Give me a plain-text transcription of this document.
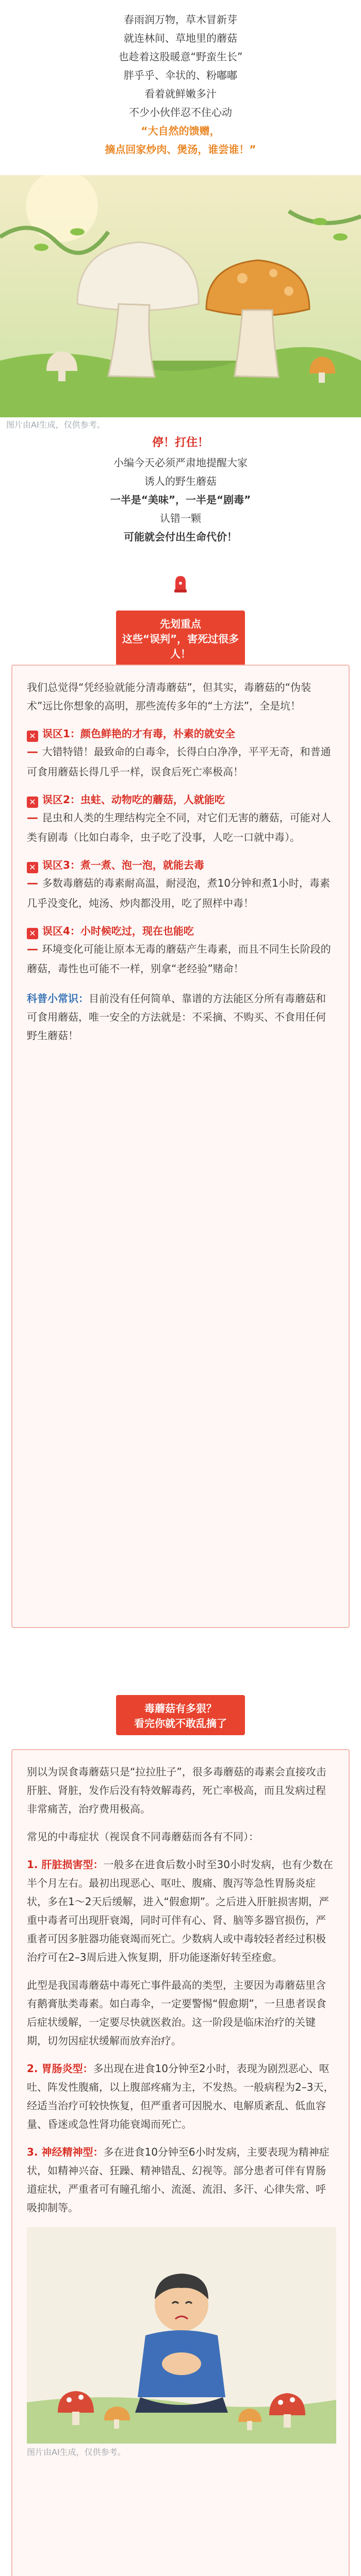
春雨润万物，草木冒新芽

就连林间、草地里的蘑菇

也趁着这股暖意“野蛮生长”

胖乎乎、伞状的、粉嘟嘟

看着就鲜嫩多汁

不少小伙伴忍不住心动

“大自然的馈赠，

摘点回家炒肉、煲汤，谁尝谁！”

图片由AI生成，仅供参考。

停！打住！

小编今天必须严肃地提醒大家

诱人的野生蘑菇

一半是“美味”，一半是“剧毒”

认错一颗

可能就会付出生命代价！

先划重点
这些“误判”，害死过很多人！

我们总觉得“凭经验就能分清毒蘑菇”，但其实，毒蘑菇的“伪装术”远比你想象的高明，那些流传多年的“土方法”，全是坑！

✕ 误区1：颜色鲜艳的才有毒，朴素的就安全

— 大错特错！最致命的白毒伞，长得白白净净，平平无奇，和普通可食用蘑菇长得几乎一样，误食后死亡率极高！

✕ 误区2：虫蛀、动物吃的蘑菇，人就能吃

— 昆虫和人类的生理结构完全不同，对它们无害的蘑菇，可能对人类有剧毒（比如白毒伞，虫子吃了没事，人吃一口就中毒）。

✕ 误区3：煮一煮、泡一泡，就能去毒

— 多数毒蘑菇的毒素耐高温，耐浸泡，煮10分钟和煮1小时，毒素几乎没变化，炖汤、炒肉都没用，吃了照样中毒！

✕ 误区4：小时候吃过，现在也能吃

— 环境变化可能让原本无毒的蘑菇产生毒素，而且不同生长阶段的蘑菇，毒性也可能不一样，别拿“老经验”赌命！

科普小常识：目前没有任何简单、靠谱的方法能区分所有毒蘑菇和可食用蘑菇，唯一安全的方法就是：不采摘、不购买、不食用任何野生蘑菇！

毒蘑菇有多狠？
看完你就不敢乱摘了

别以为误食毒蘑菇只是“拉拉肚子”，很多毒蘑菇的毒素会直接攻击肝脏、肾脏，发作后没有特效解毒药，死亡率极高，而且发病过程非常痛苦，治疗费用极高。

常见的中毒症状（视误食不同毒蘑菇而各有不同）：

1. 肝脏损害型：一般多在进食后数小时至30小时发病，也有少数在半个月左右。最初出现恶心、呕吐、腹痛、腹泻等急性胃肠炎症状，多在1～2天后缓解，进入“假愈期”。之后进入肝脏损害期，严重中毒者可出现肝衰竭，同时可伴有心、肾、脑等多器官损伤，严重者可因多脏器功能衰竭而死亡。少数病人或中毒较轻者经过积极治疗可在2–3周后进入恢复期，肝功能逐渐好转至痊愈。

此型是我国毒蘑菇中毒死亡事件最高的类型，主要因为毒蘑菇里含有鹅膏肽类毒素。如白毒伞，一定要警惕“假愈期”，一旦患者误食后症状缓解，一定要尽快就医救治。这一阶段是临床治疗的关键期，切勿因症状缓解而放弃治疗。

2. 胃肠炎型：多出现在进食10分钟至2小时，表现为剧烈恶心、呕吐、阵发性腹痛，以上腹部疼痛为主，不发热。一般病程为2–3天，经适当治疗可较快恢复，但严重者可因脱水、电解质紊乱、低血容量、昏迷或急性肾功能衰竭而死亡。

3. 神经精神型：多在进食10分钟至6小时发病，主要表现为精神症状，如精神兴奋、狂躁、精神错乱、幻视等。部分患者可伴有胃肠道症状，严重者可有瞳孔缩小、流涎、流泪、多汗、心律失常、呼吸抑制等。

图片由AI生成，仅供参考。
